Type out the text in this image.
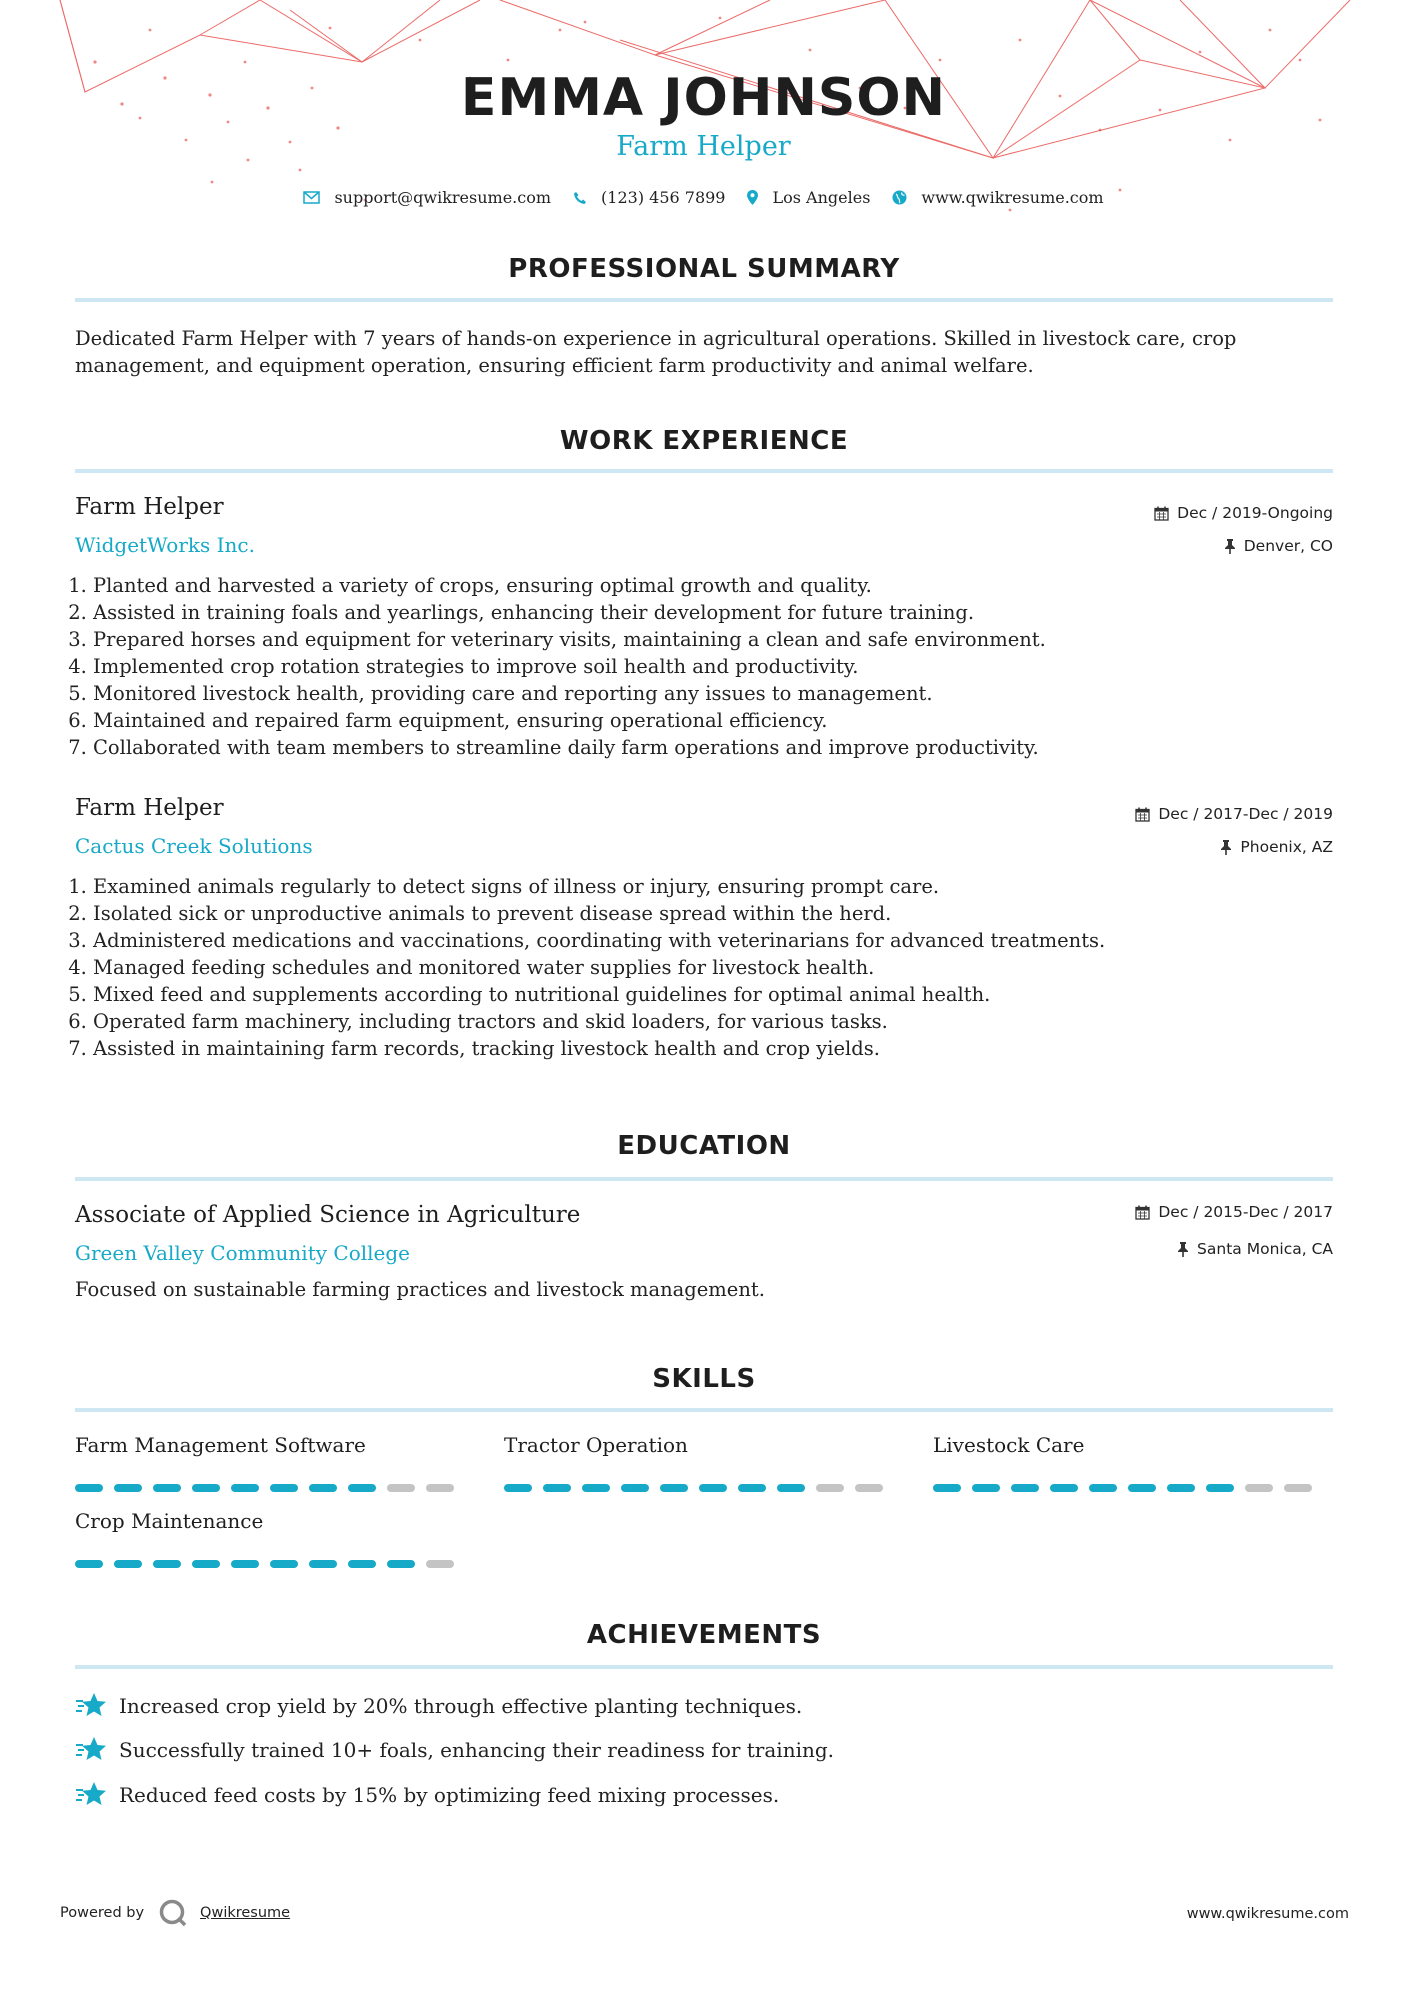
EMMA JOHNSON
Farm Helper
support@qwikresume.com	(123) 456 7899	Los Angeles	www.qwikresume.com
PROFESSIONAL SUMMARY
Dedicated Farm Helper with 7 years of hands-on experience in agricultural operations. Skilled in livestock care, crop management, and equipment operation, ensuring efficient farm productivity and animal welfare.
WORK EXPERIENCE
Farm Helper
WidgetWorks Inc.
Dec / 2019-Ongoing
Denver, CO
1. Planted and harvested a variety of crops, ensuring optimal growth and quality.
2. Assisted in training foals and yearlings, enhancing their development for future training.
3. Prepared horses and equipment for veterinary visits, maintaining a clean and safe environment.
4. Implemented crop rotation strategies to improve soil health and productivity.
5. Monitored livestock health, providing care and reporting any issues to management.
6. Maintained and repaired farm equipment, ensuring operational efficiency.
7. Collaborated with team members to streamline daily farm operations and improve productivity.
Farm Helper
Cactus Creek Solutions
Dec / 2017-Dec / 2019
Phoenix, AZ
1. Examined animals regularly to detect signs of illness or injury, ensuring prompt care.
2. Isolated sick or unproductive animals to prevent disease spread within the herd.
3. Administered medications and vaccinations, coordinating with veterinarians for advanced treatments.
4. Managed feeding schedules and monitored water supplies for livestock health.
5. Mixed feed and supplements according to nutritional guidelines for optimal animal health.
6. Operated farm machinery, including tractors and skid loaders, for various tasks.
7. Assisted in maintaining farm records, tracking livestock health and crop yields.
EDUCATION
Associate of Applied Science in Agriculture
Green Valley Community College
Dec / 2015-Dec / 2017
Santa Monica, CA
Focused on sustainable farming practices and livestock management.
SKILLS
Farm Management Software	Tractor Operation	Livestock Care
Crop Maintenance
ACHIEVEMENTS
Increased crop yield by 20% through effective planting techniques.
Successfully trained 10+ foals, enhancing their readiness for training.
Reduced feed costs by 15% by optimizing feed mixing processes.
Powered by	Qwikresume	www.qwikresume.com
